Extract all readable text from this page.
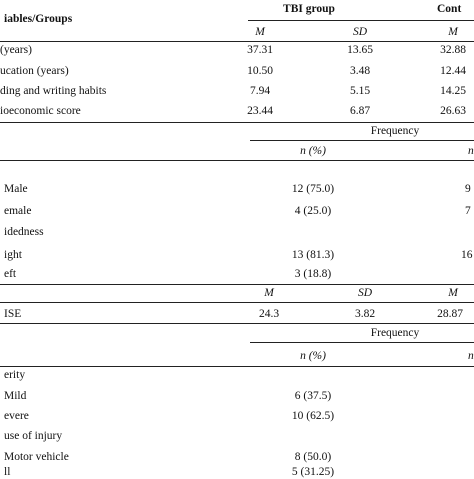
iables/Groups
TBI group	Cont
M	SD	M
(years)	37.31	13.65	32.88
ucation (years)	10.50	3.48	12.44
ding and writing habits	7.94	5.15	14.25
ioeconomic score	23.44	6.87	26.63
Frequency
n (%)	n
Male	12 (75.0)	9
emale	4 (25.0)	7
idedness
ight	13 (81.3)	16
eft	3 (18.8)
M	SD	M
ISE	24.3	3.82	28.87
Frequency
n (%)	n
erity
Mild	6 (37.5)
evere	10 (62.5)
use of injury
Motor vehicle	8 (50.0)
ll	5 (31.25)
